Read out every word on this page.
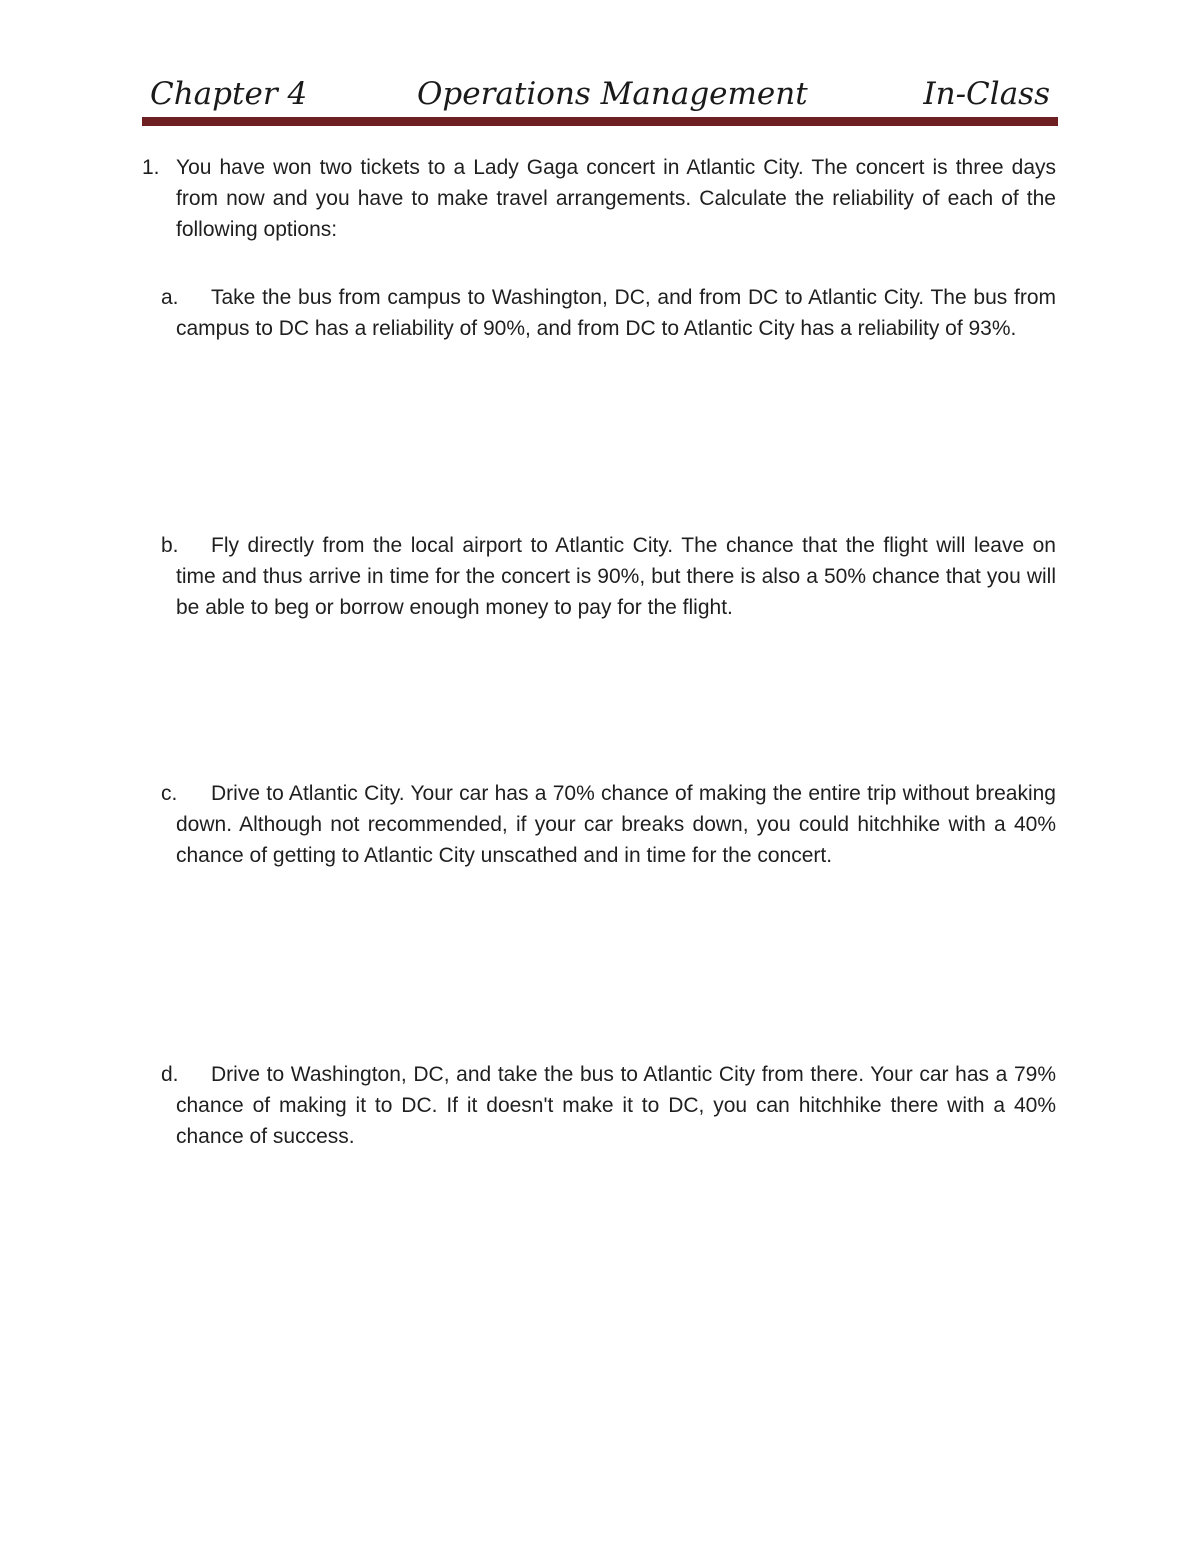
Chapter 4	Operations Management	In-Class
1. You have won two tickets to a Lady Gaga concert in Atlantic City. The concert is three days from now and you have to make travel arrangements. Calculate the reliability of each of the following options:
a.	Take the bus from campus to Washington, DC, and from DC to Atlantic City. The bus from campus to DC has a reliability of 90%, and from DC to Atlantic City has a reliability of 93%.
b.	Fly directly from the local airport to Atlantic City. The chance that the flight will leave on time and thus arrive in time for the concert is 90%, but there is also a 50% chance that you will be able to beg or borrow enough money to pay for the flight.
c.	Drive to Atlantic City. Your car has a 70% chance of making the entire trip without breaking down. Although not recommended, if your car breaks down, you could hitchhike with a 40% chance of getting to Atlantic City unscathed and in time for the concert.
d.	Drive to Washington, DC, and take the bus to Atlantic City from there. Your car has a 79% chance of making it to DC. If it doesn't make it to DC, you can hitchhike there with a 40% chance of success.
